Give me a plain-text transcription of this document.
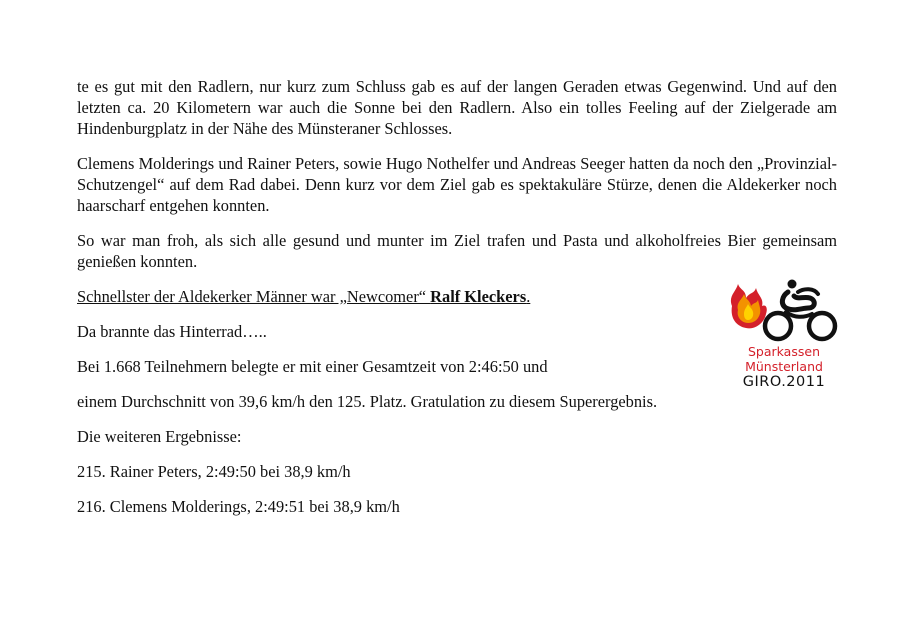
te es gut mit den Radlern, nur kurz zum Schluss gab es auf der langen Geraden etwas Gegenwind. Und auf den letzten ca. 20 Kilometern war auch die Sonne bei den Radlern. Also ein tolles Feeling auf der Zielgerade am Hindenburgplatz in der Nähe des Münsteraner Schlosses.

Clemens Molderings und Rainer Peters, sowie Hugo Nothelfer und Andreas Seeger hatten da noch den „Provinzial-Schutzengel“ auf dem Rad dabei. Denn kurz vor dem Ziel gab es spektakuläre Stürze, denen die Aldekerker noch haarscharf entgehen konnten.

So war man froh, als sich alle gesund und munter im Ziel trafen und Pasta und alkoholfreies Bier gemeinsam genießen konnten.

Schnellster der Aldekerker Männer war „Newcomer“ Ralf Kleckers.

Da brannte das Hinterrad…..

Bei 1.668 Teilnehmern belegte er mit einer Gesamtzeit von 2:46:50 und

einem Durchschnitt von 39,6 km/h den 125. Platz. Gratulation zu diesem Superergebnis.

Die weiteren Ergebnisse:

215. Rainer Peters, 2:49:50 bei 38,9 km/h

216. Clemens Molderings, 2:49:51 bei 38,9 km/h

Sparkassen
Münsterland
GIRO.2011
